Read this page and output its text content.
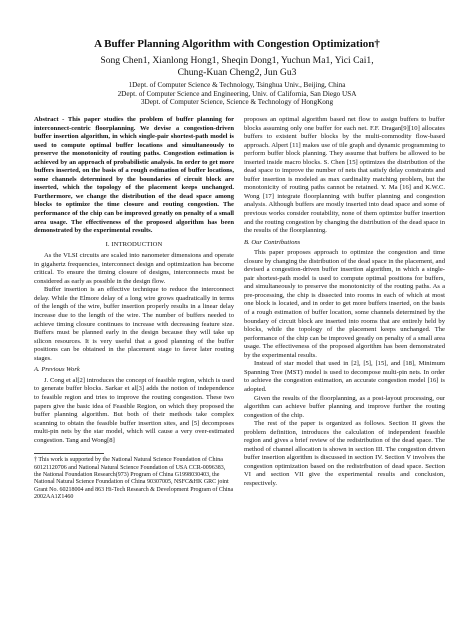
A Buffer Planning Algorithm with Congestion Optimization†
Song Chen1, Xianlong Hong1, Sheqin Dong1, Yuchun Ma1, Yici Cai1,
Chung-Kuan Cheng2, Jun Gu3
1Dept. of Computer Science & Technology, Tsinghua Univ., Beijing, China
2Dept. of Computer Science and Engineering, Univ. of California, San Diego USA
3Dept. of Computer Science, Science & Technology of HongKong

Abstract - This paper studies the problem of buffer planning for interconnect-centric floorplanning. We devise a congestion-driven buffer insertion algorithm, in which single-pair shortest-path model is used to compute optimal buffer locations and simultaneously to preserve the monotonicity of routing paths. Congestion estimation is achieved by an approach of probabilistic analysis. In order to get more buffers inserted, on the basis of a rough estimation of buffer locations, some channels determined by the boundaries of circuit block are inserted, which the topology of the placement keeps unchanged. Furthermore, we change the distribution of the dead space among blocks to optimize the time closure and routing congestion. The performance of the chip can be improved greatly on penalty of a small area usage. The effectiveness of the proposed algorithm has been demonstrated by the experimental results.

I. INTRODUCTION

As the VLSI circuits are scaled into nanometer dimensions and operate in gigahertz frequencies, interconnect design and optimization has become critical. To ensure the timing closure of designs, interconnects must be considered as early as possible in the design flow.

Buffer insertion is an effective technique to reduce the interconnect delay. While the Elmore delay of a long wire grows quadratically in terms of the length of the wire, buffer insertion properly results in a linear delay increase due to the length of the wire. The number of buffers needed to achieve timing closure continues to increase with decreasing feature size. Buffers must be planned early in the design because they will take up silicon resources. It is very useful that a good planning of the buffer positions can be obtained in the placement stage to favor later routing stages.

A. Previous Work

J. Cong et al[2] introduces the concept of feasible region, which is used to generate buffer blocks. Sarkar et al[3] adds the notion of independence to feasible region and tries to improve the routing congestion. These two papers give the basic idea of Feasible Region, on which they proposed the buffer planning algorithm. But both of their methods take complex scanning to obtain the feasible buffer insertion sites, and [5] decomposes multi-pin nets by the star model, which will cause a very over-estimated congestion. Tang and Wong[8]

† This work is supported by the National Natural Science Foundation of China 60121120706 and National Natural Science Foundation of USA CCR-0096383, the National Foundation Research(973) Program of China G1998030403, the National Natural Science Foundation of China 90307005, NSFC&HK GRC joint Grant No. 60218004 and 863 Hi-Tech Research & Development Program of China 2002AA1Z1460

proposes an optimal algorithm based net flow to assign buffers to buffer blocks assuming only one buffer for each net. F.F. Dragan[9][10] allocates buffers to existent buffer blocks by the multi-commodity flow-based approach. Alpert [11] makes use of tile graph and dynamic programming to perform buffer block planning. They assume that buffers be allowed to be inserted inside macro blocks. S. Chen [15] optimizes the distribution of the dead space to improve the number of nets that satisfy delay constraints and buffer insertion is modeled as max cardinality matching problem, but the monotonicity of routing paths cannot be retained. Y. Ma [16] and K.W.C. Wong [17] integrate floorplanning with buffer planning and congestion analysis. Although buffers are mostly inserted into dead space and some of previous works consider routability, none of them optimize buffer insertion and the routing congestion by changing the distribution of the dead space in the results of the floorplanning.

B. Our Contributions

This paper proposes approach to optimize the congestion and time closure by changing the distribution of the dead space in the placement, and devised a congestion-driven buffer insertion algorithm, in which a single-pair shortest-path model is used to compute optimal positions for buffers, and simultaneously to preserve the monotonicity of the routing paths. As a pre-processing, the chip is dissected into rooms in each of which at most one block is located, and in order to get more buffers inserted, on the basis of a rough estimation of buffer location, some channels determined by the boundary of circuit block are inserted into rooms that are entirely held by blocks, while the topology of the placement keeps unchanged. The performance of the chip can be improved greatly on penalty of a small area usage. The effectiveness of the proposed algorithm has been demonstrated by the experimental results.

Instead of star model that used in [2], [5], [15], and [18], Minimum Spanning Tree (MST) model is used to decompose multi-pin nets. In order to achieve the congestion estimation, an accurate congestion model [16] is adopted.

Given the results of the floorplanning, as a post-layout processing, our algorithm can achieve buffer planning and improve further the routing congestion of the chip.

The rest of the paper is organized as follows. Section II gives the problem definition, introduces the calculation of independent feasible region and gives a brief review of the redistribution of the dead space. The method of channel allocation is shown in section III. The congestion driven buffer insertion algorithm is discussed in section IV. Section V involves the congestion optimization based on the redistribution of dead space. Section VI and section VII give the experimental results and conclusion, respectively.
